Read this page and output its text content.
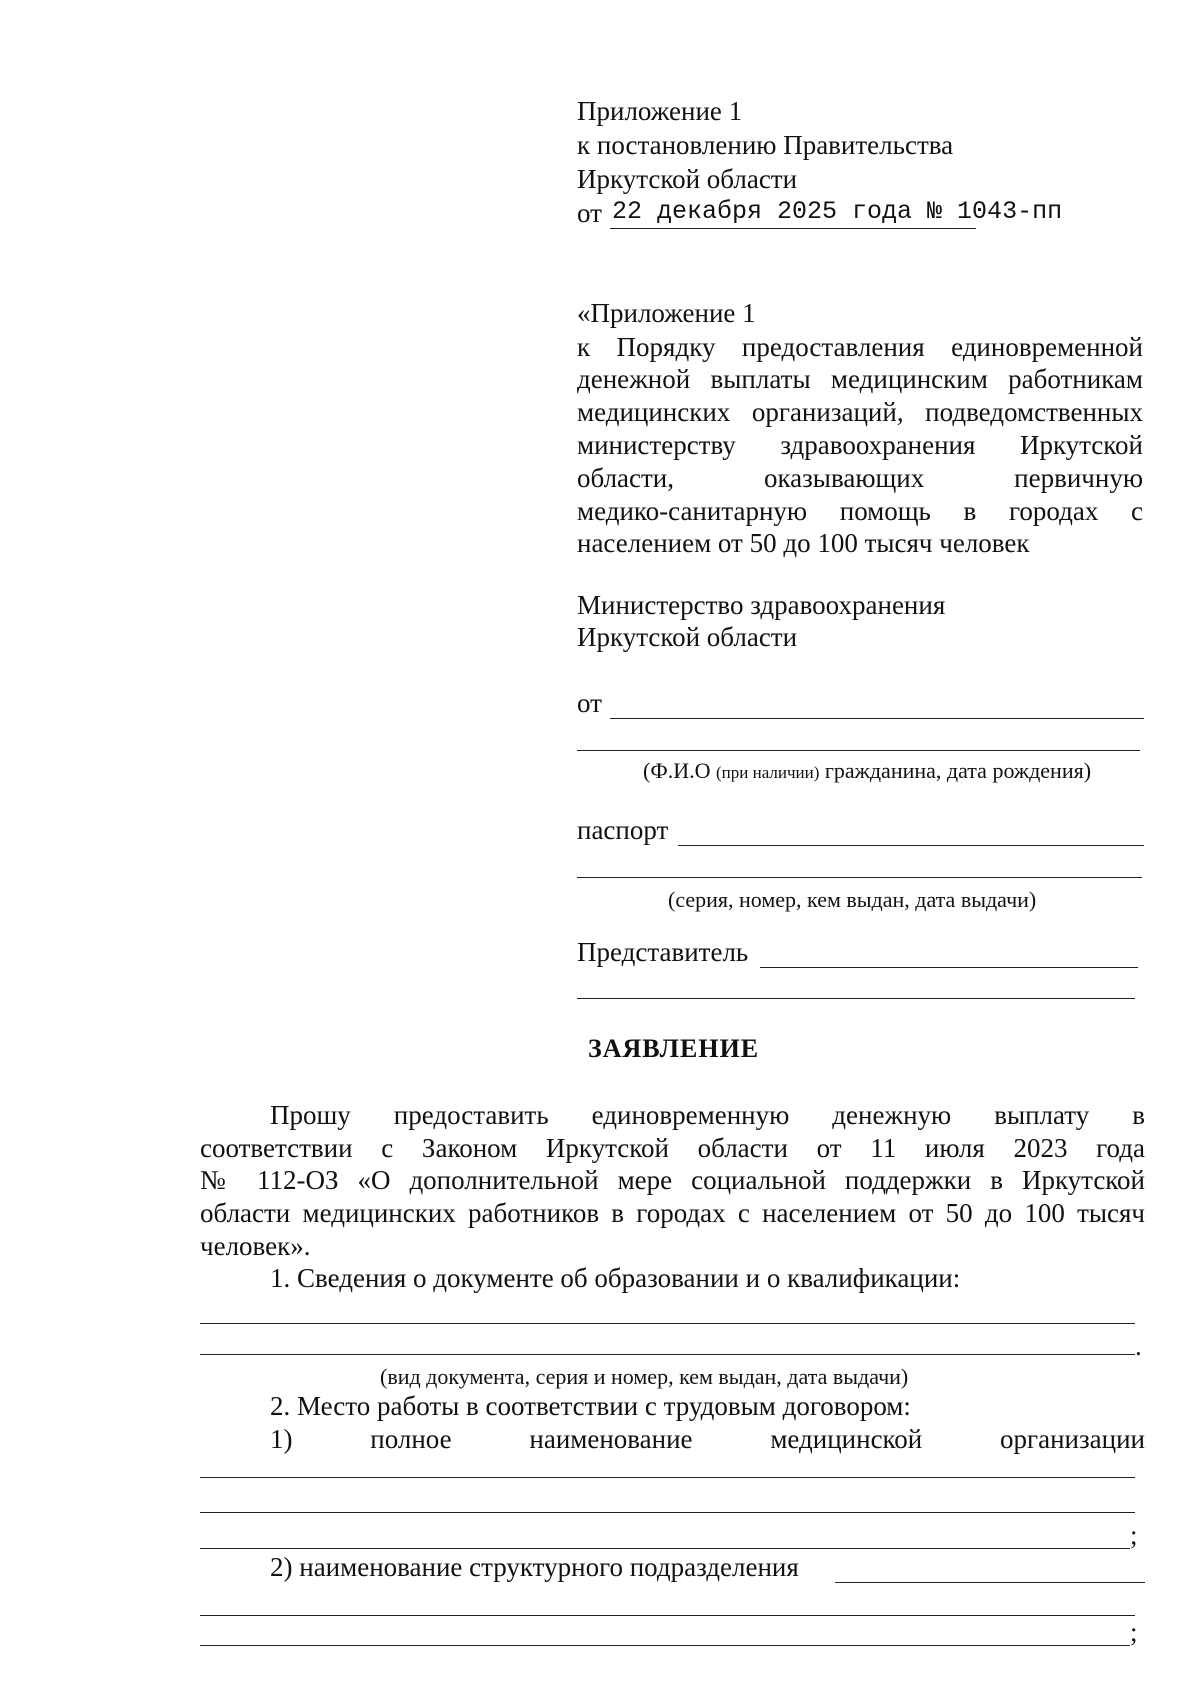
Приложение 1
к постановлению Правительства
Иркутской области
от 22 декабря 2025 года № 1043-пп
«Приложение 1
к Порядку предоставления единовременной
денежной выплаты медицинским работникам
медицинских организаций, подведомственных
министерству здравоохранения Иркутской
области, оказывающих первичную
медико-санитарную помощь в городах с
населением от 50 до 100 тысяч человек
Министерство здравоохранения
Иркутской области
от
(Ф.И.О (при наличии) гражданина, дата рождения)
паспорт
(серия, номер, кем выдан, дата выдачи)
Представитель
ЗАЯВЛЕНИЕ
Прошу предоставить единовременную денежную выплату в
соответствии с Законом Иркутской области от 11 июля 2023 года
№ 112-ОЗ «О дополнительной мере социальной поддержки в Иркутской
области медицинских работников в городах с населением от 50 до 100 тысяч
человек».
1. Сведения о документе об образовании и о квалификации:
.
(вид документа, серия и номер, кем выдан, дата выдачи)
2. Место работы в соответствии с трудовым договором:
1) полное наименование медицинской организации
;
2) наименование структурного подразделения
;
